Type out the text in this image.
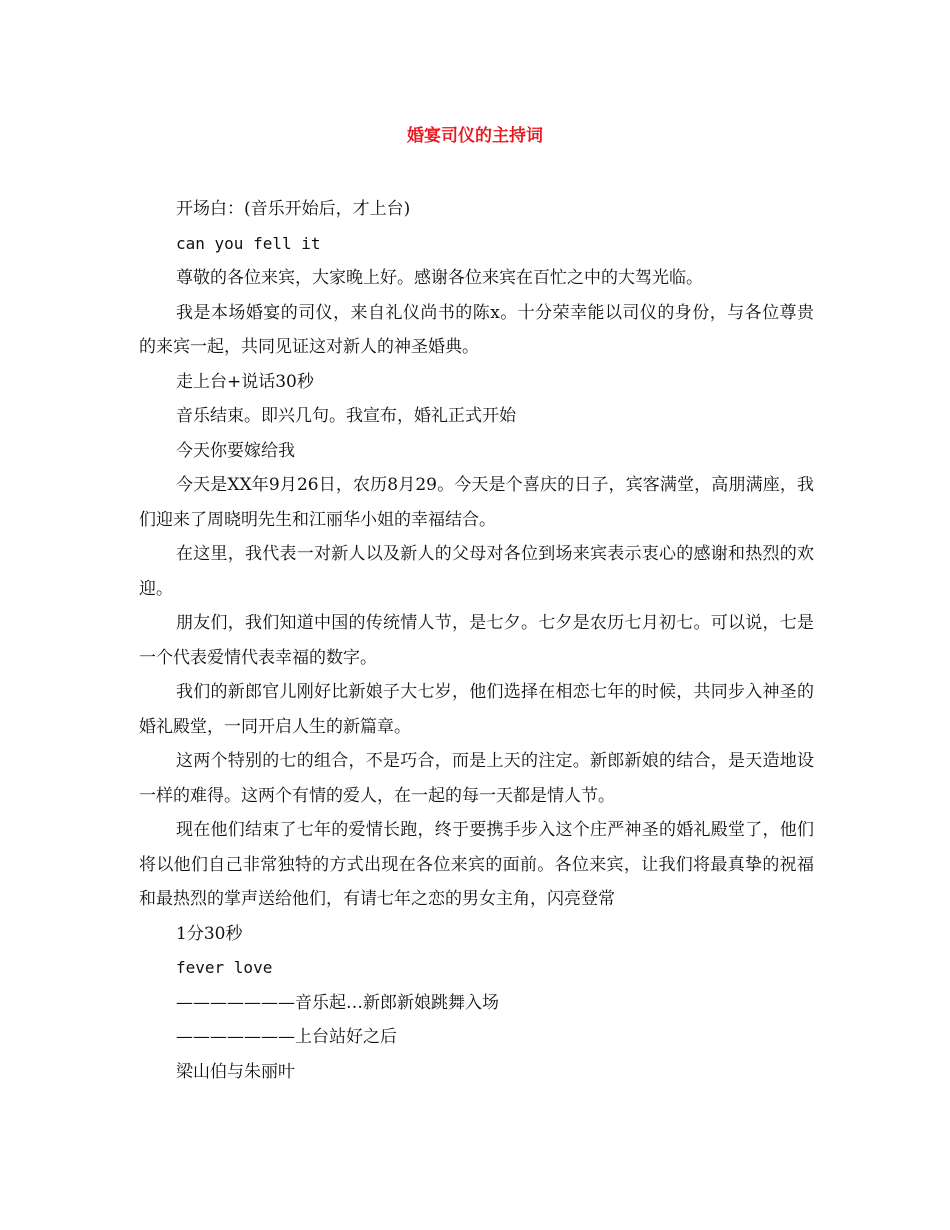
婚宴司仪的主持词

开场白：(音乐开始后，才上台)

can you fell it

尊敬的各位来宾，大家晚上好。感谢各位来宾在百忙之中的大驾光临。

我是本场婚宴的司仪，来自礼仪尚书的陈x。十分荣幸能以司仪的身份，与各位尊贵的来宾一起，共同见证这对新人的神圣婚典。

走上台+说话30秒

音乐结束。即兴几句。我宣布，婚礼正式开始

今天你要嫁给我

今天是XX年9月26日，农历8月29。今天是个喜庆的日子，宾客满堂，高朋满座，我们迎来了周晓明先生和江丽华小姐的幸福结合。

在这里，我代表一对新人以及新人的父母对各位到场来宾表示衷心的感谢和热烈的欢迎。

朋友们，我们知道中国的传统情人节，是七夕。七夕是农历七月初七。可以说，七是一个代表爱情代表幸福的数字。

我们的新郎官儿刚好比新娘子大七岁，他们选择在相恋七年的时候，共同步入神圣的婚礼殿堂，一同开启人生的新篇章。

这两个特别的七的组合，不是巧合，而是上天的注定。新郎新娘的结合，是天造地设一样的难得。这两个有情的爱人，在一起的每一天都是情人节。

现在他们结束了七年的爱情长跑，终于要携手步入这个庄严神圣的婚礼殿堂了，他们将以他们自己非常独特的方式出现在各位来宾的面前。各位来宾，让我们将最真挚的祝福和最热烈的掌声送给他们，有请七年之恋的男女主角，闪亮登常

1分30秒

fever love

———————音乐起…新郎新娘跳舞入场

———————上台站好之后

梁山伯与朱丽叶
